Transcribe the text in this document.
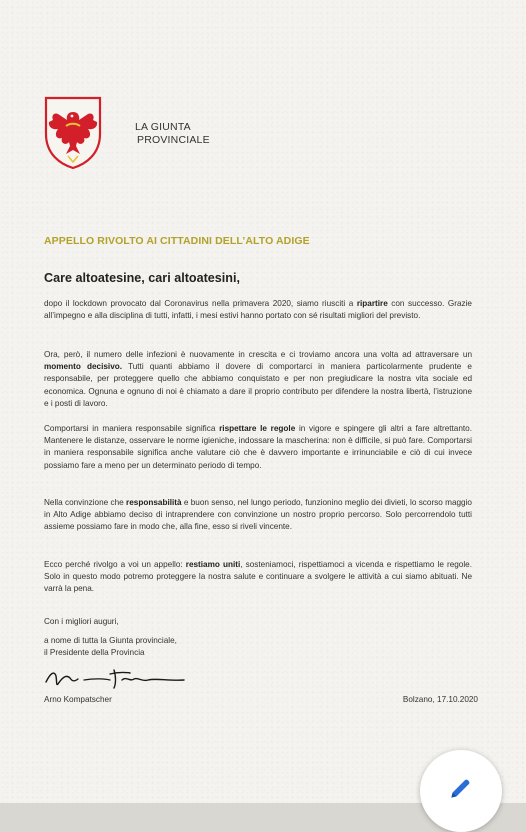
LA GIUNTA
PROVINCIALE
APPELLO RIVOLTO AI CITTADINI DELL’ALTO ADIGE
Care altoatesine, cari altoatesini,

dopo il lockdown provocato dal Coronavirus nella primavera 2020, siamo riusciti a ripartire con successo. Grazie all’impegno e alla disciplina di tutti, infatti, i mesi estivi hanno portato con sé risultati migliori del previsto.

Ora, però, il numero delle infezioni è nuovamente in crescita e ci troviamo ancora una volta ad attraversare un momento decisivo. Tutti quanti abbiamo il dovere di comportarci in maniera particolarmente prudente e responsabile, per proteggere quello che abbiamo conquistato e per non pregiudicare la nostra vita sociale ed economica. Ognuna e ognuno di noi è chiamato a dare il proprio contributo per difendere la nostra libertà, l’istruzione e i posti di lavoro.

Comportarsi in maniera responsabile significa rispettare le regole in vigore e spingere gli altri a fare altrettanto. Mantenere le distanze, osservare le norme igieniche, indossare la mascherina: non è difficile, si può fare. Comportarsi in maniera responsabile significa anche valutare ciò che è davvero importante e irrinunciabile e ciò di cui invece possiamo fare a meno per un determinato periodo di tempo.

Nella convinzione che responsabilità e buon senso, nel lungo periodo, funzionino meglio dei divieti, lo scorso maggio in Alto Adige abbiamo deciso di intraprendere con convinzione un nostro proprio percorso. Solo percorrendolo tutti assieme possiamo fare in modo che, alla fine, esso si riveli vincente.

Ecco perché rivolgo a voi un appello: restiamo uniti, sosteniamoci, rispettiamoci a vicenda e rispettiamo le regole. Solo in questo modo potremo proteggere la nostra salute e continuare a svolgere le attività a cui siamo abituati. Ne varrà la pena.

Con i migliori auguri,
a nome di tutta la Giunta provinciale,
il Presidente della Provincia
Arno Kompatscher	Bolzano, 17.10.2020
